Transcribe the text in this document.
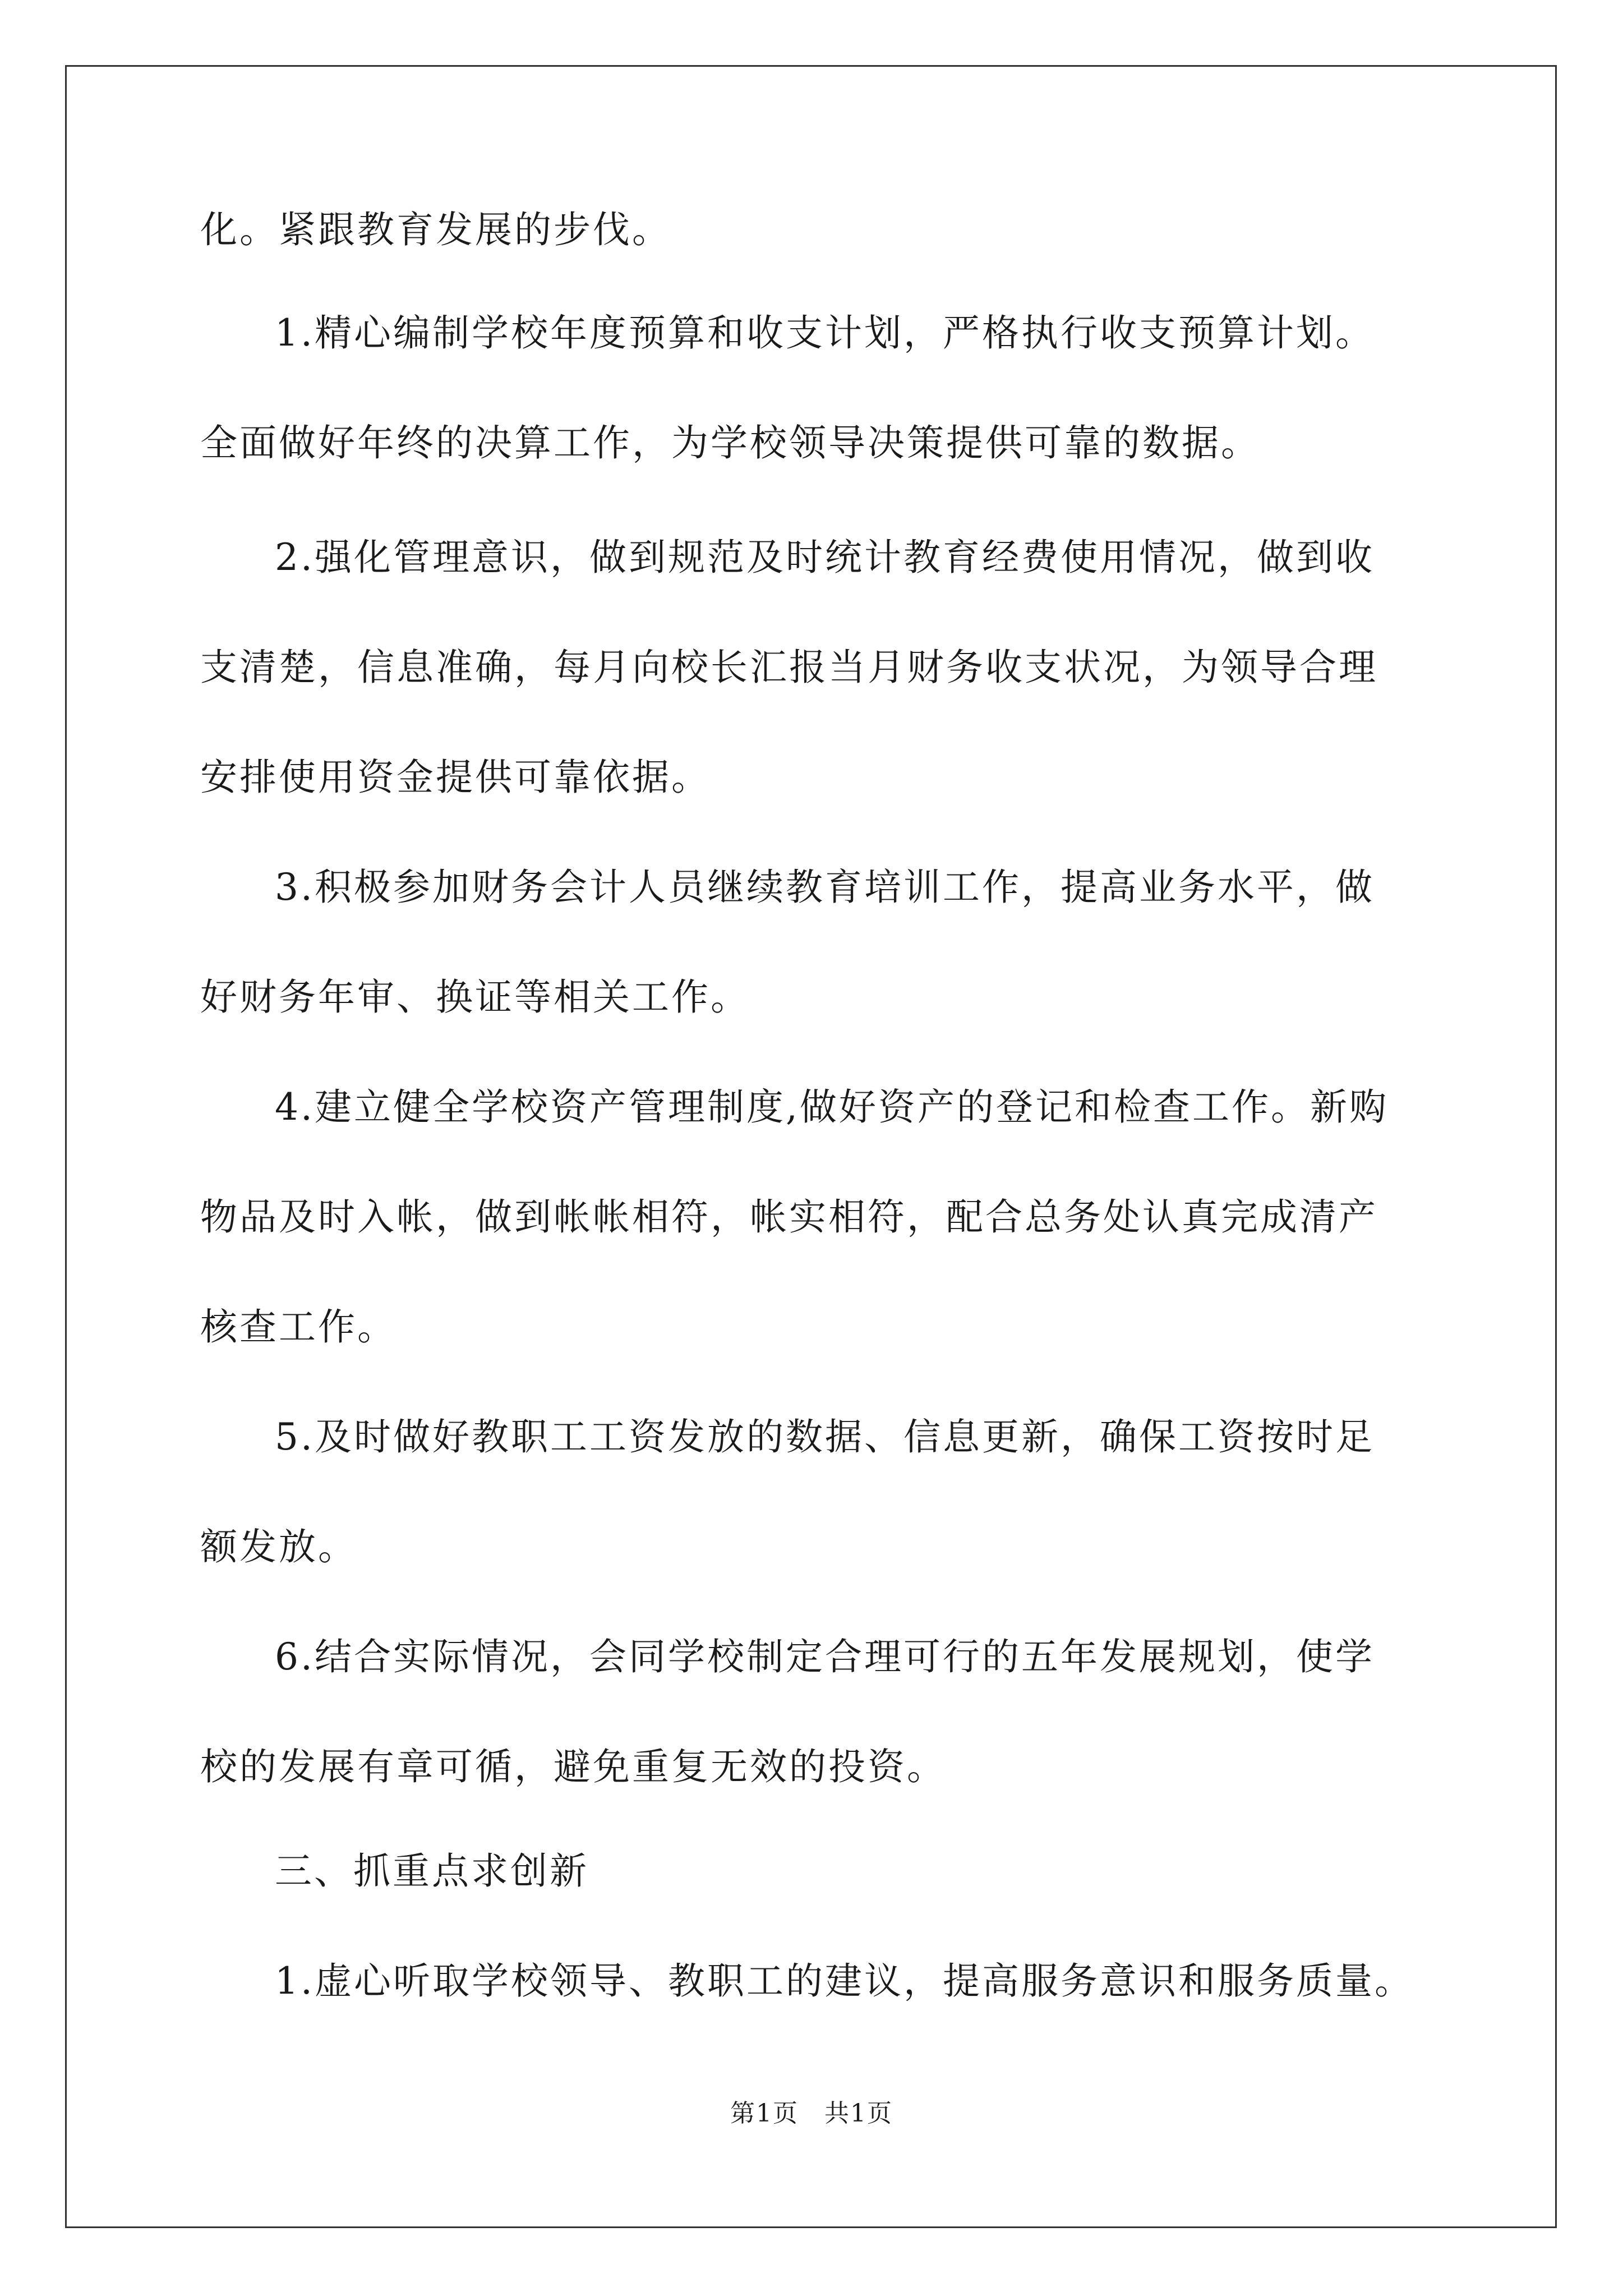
化。紧跟教育发展的步伐。

1.精心编制学校年度预算和收支计划，严格执行收支预算计划。

全面做好年终的决算工作，为学校领导决策提供可靠的数据。

2.强化管理意识，做到规范及时统计教育经费使用情况，做到收

支清楚，信息准确，每月向校长汇报当月财务收支状况，为领导合理

安排使用资金提供可靠依据。

3.积极参加财务会计人员继续教育培训工作，提高业务水平，做

好财务年审、换证等相关工作。

4.建立健全学校资产管理制度,做好资产的登记和检查工作。新购

物品及时入帐，做到帐帐相符，帐实相符，配合总务处认真完成清产

核查工作。

5.及时做好教职工工资发放的数据、信息更新，确保工资按时足

额发放。

6.结合实际情况，会同学校制定合理可行的五年发展规划，使学

校的发展有章可循，避免重复无效的投资。

三、抓重点求创新

1.虚心听取学校领导、教职工的建议，提高服务意识和服务质量。

第1页　共1页
